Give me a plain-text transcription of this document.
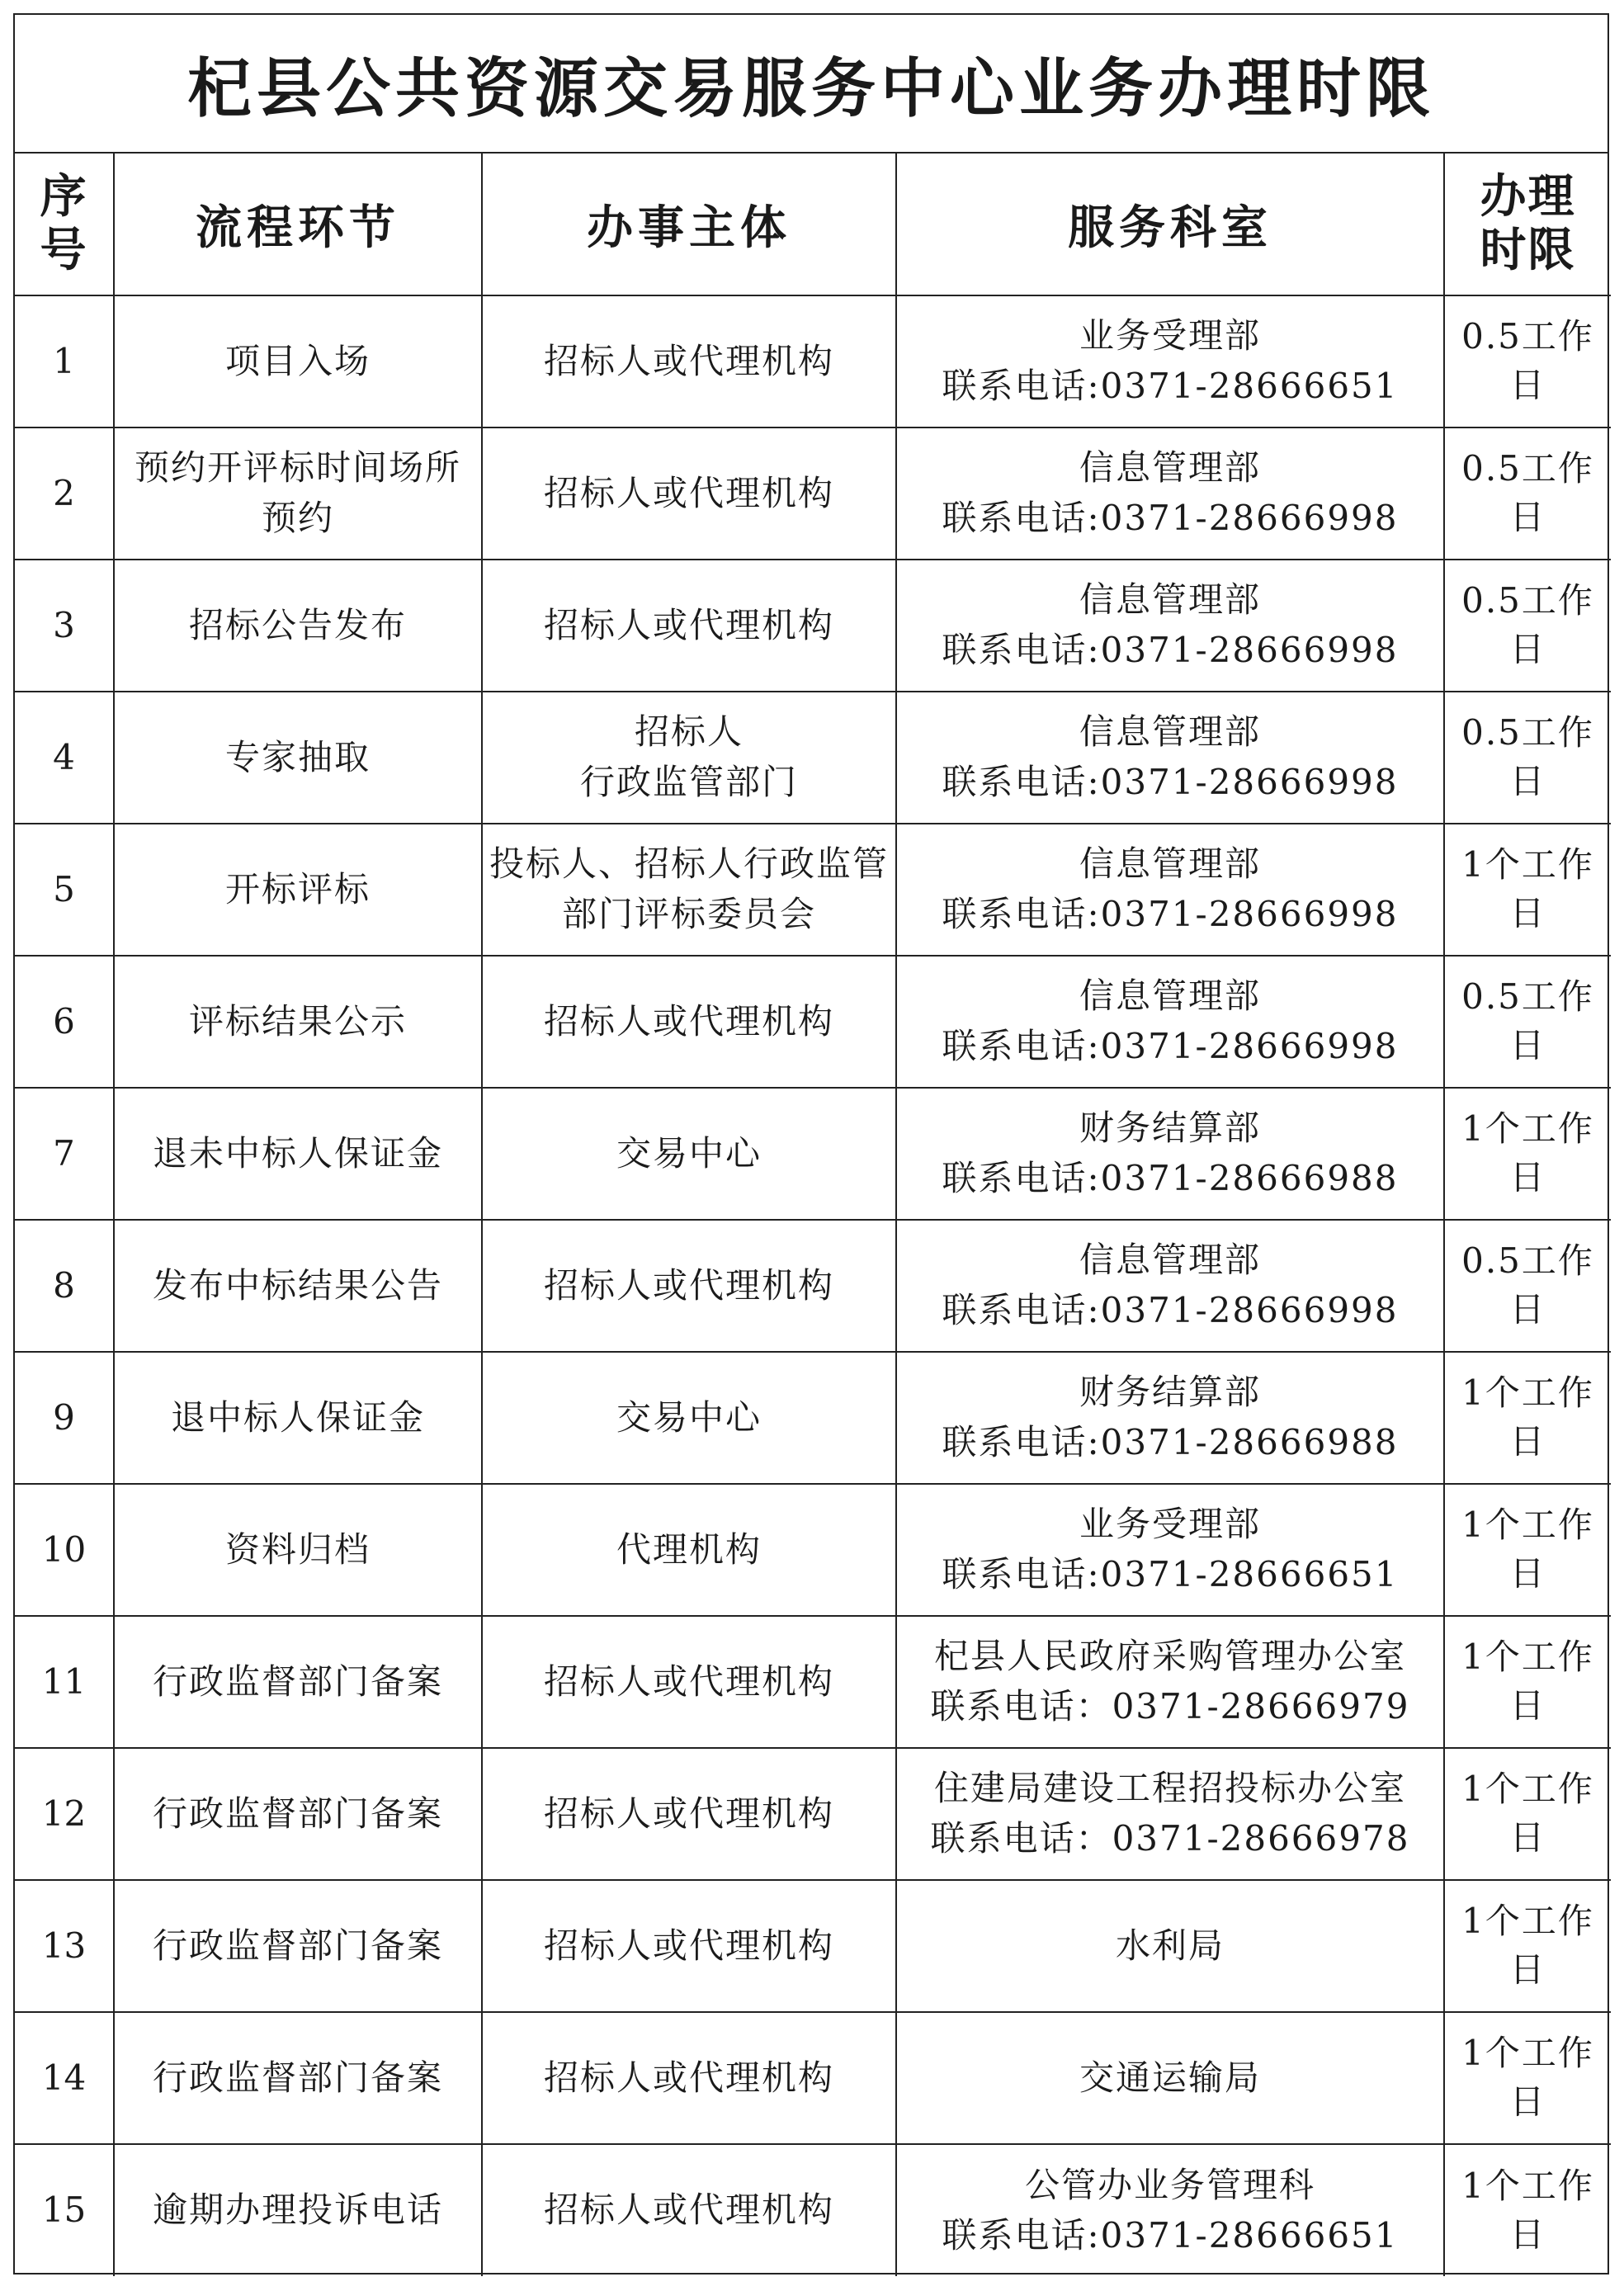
杞县公共资源交易服务中心业务办理时限
序号	流程环节	办事主体	服务科室	办理
时限

1	项目入场	招标人或代理机构	业务受理部
联系电话:0371-28666651	0.5工作日
2	预约开评标时间场所预约	招标人或代理机构	信息管理部
联系电话:0371-28666998	0.5工作日
3	招标公告发布	招标人或代理机构	信息管理部
联系电话:0371-28666998	0.5工作日
4	专家抽取	招标人
行政监管部门	信息管理部
联系电话:0371-28666998	0.5工作日
5	开标评标	投标人、招标人行政监管部门评标委员会	信息管理部
联系电话:0371-28666998	1个工作日
6	评标结果公示	招标人或代理机构	信息管理部
联系电话:0371-28666998	0.5工作日
7	退未中标人保证金	交易中心	财务结算部
联系电话:0371-28666988	1个工作日
8	发布中标结果公告	招标人或代理机构	信息管理部
联系电话:0371-28666998	0.5工作日
9	退中标人保证金	交易中心	财务结算部
联系电话:0371-28666988	1个工作日
10	资料归档	代理机构	业务受理部
联系电话:0371-28666651	1个工作日
11	行政监督部门备案	招标人或代理机构	杞县人民政府采购管理办公室
联系电话：0371-28666979	1个工作日
12	行政监督部门备案	招标人或代理机构	住建局建设工程招投标办公室
联系电话：0371-28666978	1个工作日
13	行政监督部门备案	招标人或代理机构	水利局	1个工作日
14	行政监督部门备案	招标人或代理机构	交通运输局	1个工作日
15	逾期办理投诉电话	招标人或代理机构	公管办业务管理科
联系电话:0371-28666651	1个工作日
